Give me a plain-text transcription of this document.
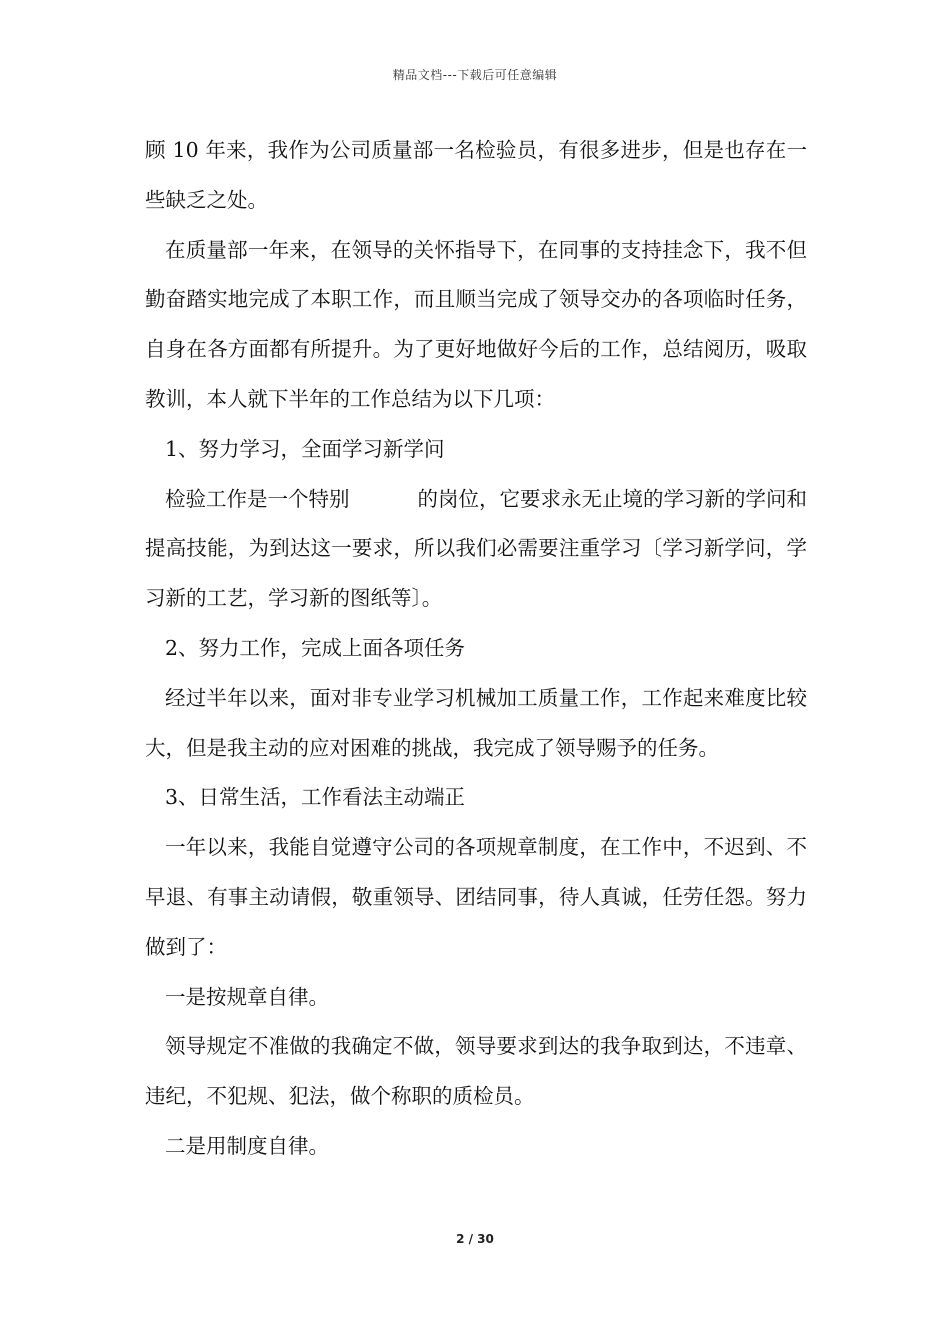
精品文档---下载后可任意编辑

顾 10 年来，我作为公司质量部一名检验员，有很多进步，但是也存在一些缺乏之处。

在质量部一年来，在领导的关怀指导下，在同事的支持挂念下，我不但勤奋踏实地完成了本职工作，而且顺当完成了领导交办的各项临时任务，自身在各方面都有所提升。为了更好地做好今后的工作，总结阅历，吸取教训，本人就下半年的工作总结为以下几项：

1、努力学习，全面学习新学问

检验工作是一个特别	的岗位，它要求永无止境的学习新的学问和提高技能，为到达这一要求，所以我们必需要注重学习〔学习新学问，学习新的工艺，学习新的图纸等〕。

2、努力工作，完成上面各项任务

经过半年以来，面对非专业学习机械加工质量工作，工作起来难度比较大，但是我主动的应对困难的挑战，我完成了领导赐予的任务。

3、日常生活，工作看法主动端正

一年以来，我能自觉遵守公司的各项规章制度，在工作中，不迟到、不早退、有事主动请假，敬重领导、团结同事，待人真诚，任劳任怨。努力做到了：

一是按规章自律。

领导规定不准做的我确定不做，领导要求到达的我争取到达，不违章、违纪，不犯规、犯法，做个称职的质检员。

二是用制度自律。

2 / 30
